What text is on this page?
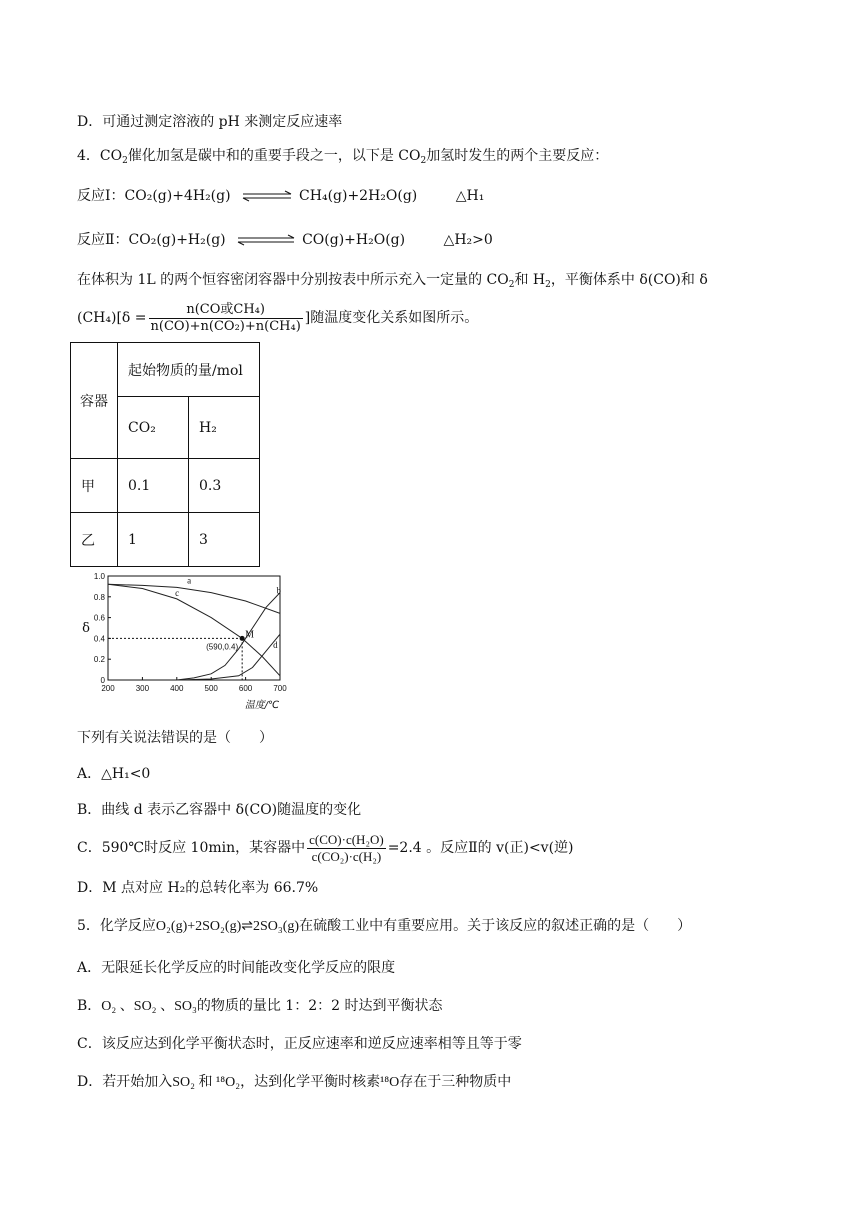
D．可通过测定溶液的 pH 来测定反应速率
4．$CO_2$催化加氢是碳中和的重要手段之一，以下是 $CO_2$加氢时发生的两个主要反应：
反应Ⅰ：CO₂(g)+4H₂(g) ⇌ CH₄(g)+2H₂O(g)	△H₁
反应Ⅱ：CO₂(g)+H₂(g)	CO(g)+H₂O(g)	△H₂>0
在体积为 1L 的两个恒容密闭容器中分别按表中所示充入一定量的 $CO_2$和 $H_2$，平衡体系中 δ(CO)和 δ
$(CH_4)[\delta = \frac{\text{n(CO或CH₄)}}{\text{n(CO)+n(CO₂)+n(CH₄)}}$ ]随温度变化关系如图所示。
容器	起始物质的量/mol	
	CO₂	H₂
甲	0.1	0.3
乙	1	3
0
0.2
0.4
0.6
0.8
1.0
200	300	400	500	600	700
δ
温度/℃
a
b
c
d
M
(590,0.4)
下列有关说法错误的是（　　）
A．△H₁<0
B．曲线 d 表示乙容器中 δ(CO)随温度的变化
C．590℃时反应 10min，某容器中 $\frac{\text{c(CO)·c(H₂O)}}{\text{c(CO₂)·c(H₂)}} =2.4$ 。反应Ⅱ的 v(正)<v(逆)
D．M 点对应 H₂的总转化率为 66.7%
5．化学反应O₂(g)+2SO₂(g)⇌2SO₃(g)在硫酸工业中有重要应用。关于该反应的叙述正确的是（　　）
A．无限延长化学反应的时间能改变化学反应的限度
B．O₂ 、SO₂ 、SO₃的物质的量比 1：2：2 时达到平衡状态
C．该反应达到化学平衡状态时，正反应速率和逆反应速率相等且等于零
D．若开始加入SO₂ 和 ¹⁸O₂，达到化学平衡时核素¹⁸O存在于三种物质中
